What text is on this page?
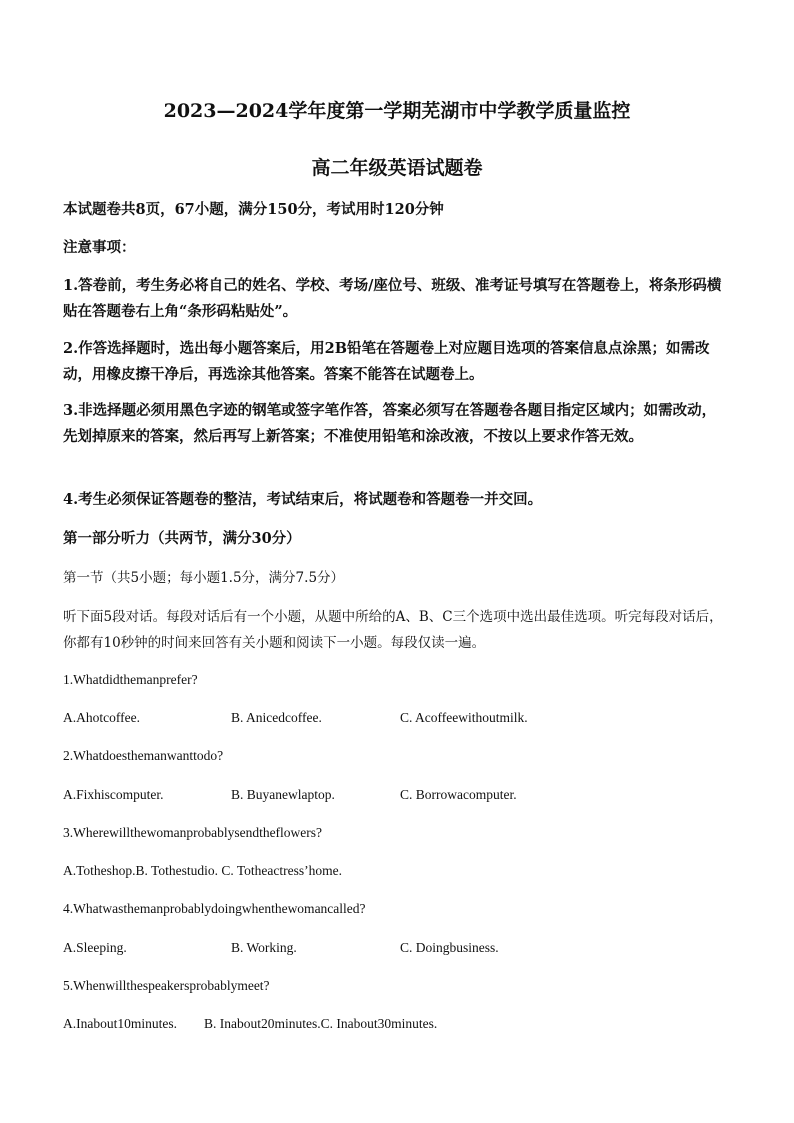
2023—2024学年度第一学期芜湖市中学教学质量监控
高二年级英语试题卷
本试题卷共8页，67小题，满分150分，考试用时120分钟
注意事项：
1.答卷前，考生务必将自己的姓名、学校、考场/座位号、班级、准考证号填写在答题卷上，将条形码横贴在答题卷右上角“条形码粘贴处”。
2.作答选择题时，选出每小题答案后，用2B铅笔在答题卷上对应题目选项的答案信息点涂黑；如需改动，用橡皮擦干净后，再选涂其他答案。答案不能答在试题卷上。
3.非选择题必须用黑色字迹的钢笔或签字笔作答，答案必须写在答题卷各题目指定区域内；如需改动，先划掉原来的答案，然后再写上新答案；不准使用铅笔和涂改液，不按以上要求作答无效。
4.考生必须保证答题卷的整洁，考试结束后，将试题卷和答题卷一并交回。
第一部分听力（共两节，满分30分）
第一节（共5小题；每小题1.5分，满分7.5分）
听下面5段对话。每段对话后有一个小题，从题中所给的A、B、C三个选项中选出最佳选项。听完每段对话后，你都有10秒钟的时间来回答有关小题和阅读下一小题。每段仅读一遍。
1.Whatdidthemanprefer?
A.Ahotcoffee.	B. Anicedcoffee.	C. Acoffeewithoutmilk.
2.Whatdoesthemanwanttodo?
A.Fixhiscomputer.	B. Buyanewlaptop.	C. Borrowacomputer.
3.Wherewillthewomanprobablysendtheflowers?
A.Totheshop.B. Tothestudio. C. Totheactress’home.
4.Whatwasthemanprobablydoingwhenthewomancalled?
A.Sleeping.	B. Working.	C. Doingbusiness.
5.Whenwillthespeakersprobablymeet?
A.Inabout10minutes.        B. Inabout20minutes.C. Inabout30minutes.
